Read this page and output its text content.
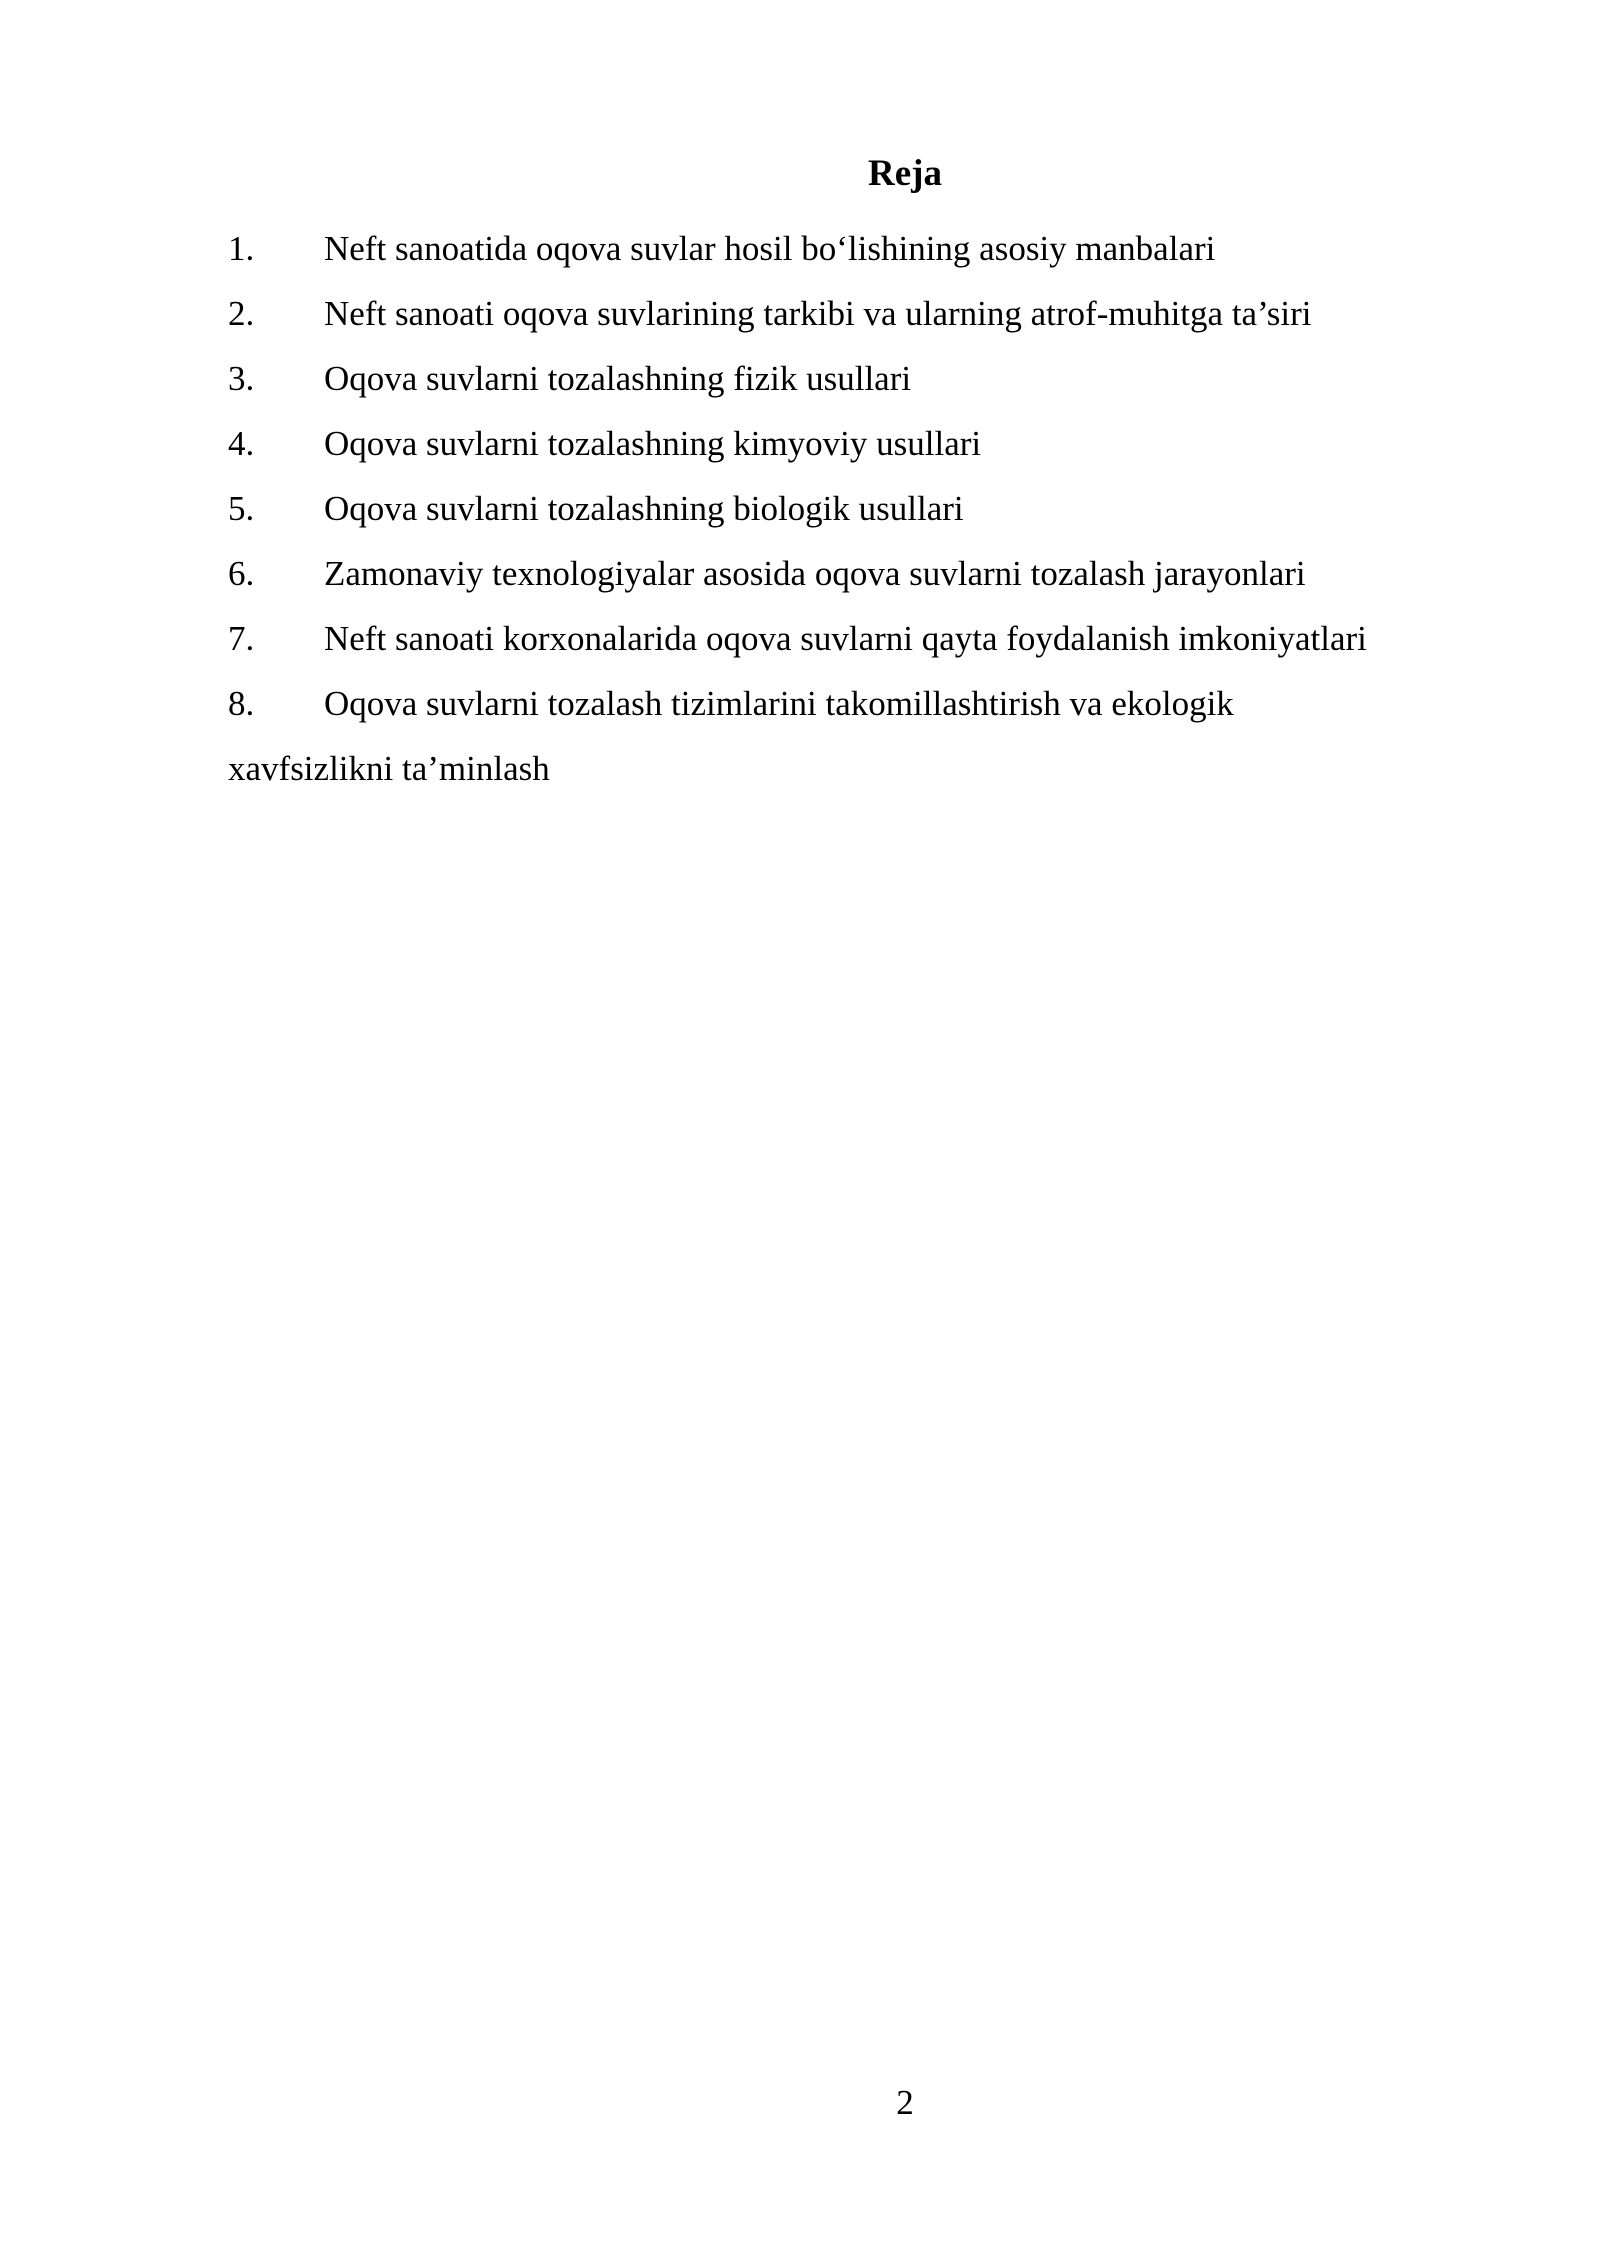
Reja
1. Neft sanoatida oqova suvlar hosil bo‘lishining asosiy manbalari
2. Neft sanoati oqova suvlarining tarkibi va ularning atrof-muhitga ta’siri
3. Oqova suvlarni tozalashning fizik usullari
4. Oqova suvlarni tozalashning kimyoviy usullari
5. Oqova suvlarni tozalashning biologik usullari
6. Zamonaviy texnologiyalar asosida oqova suvlarni tozalash jarayonlari
7. Neft sanoati korxonalarida oqova suvlarni qayta foydalanish imkoniyatlari
8. Oqova suvlarni tozalash tizimlarini takomillashtirish va ekologik
xavfsizlikni ta’minlash
2
